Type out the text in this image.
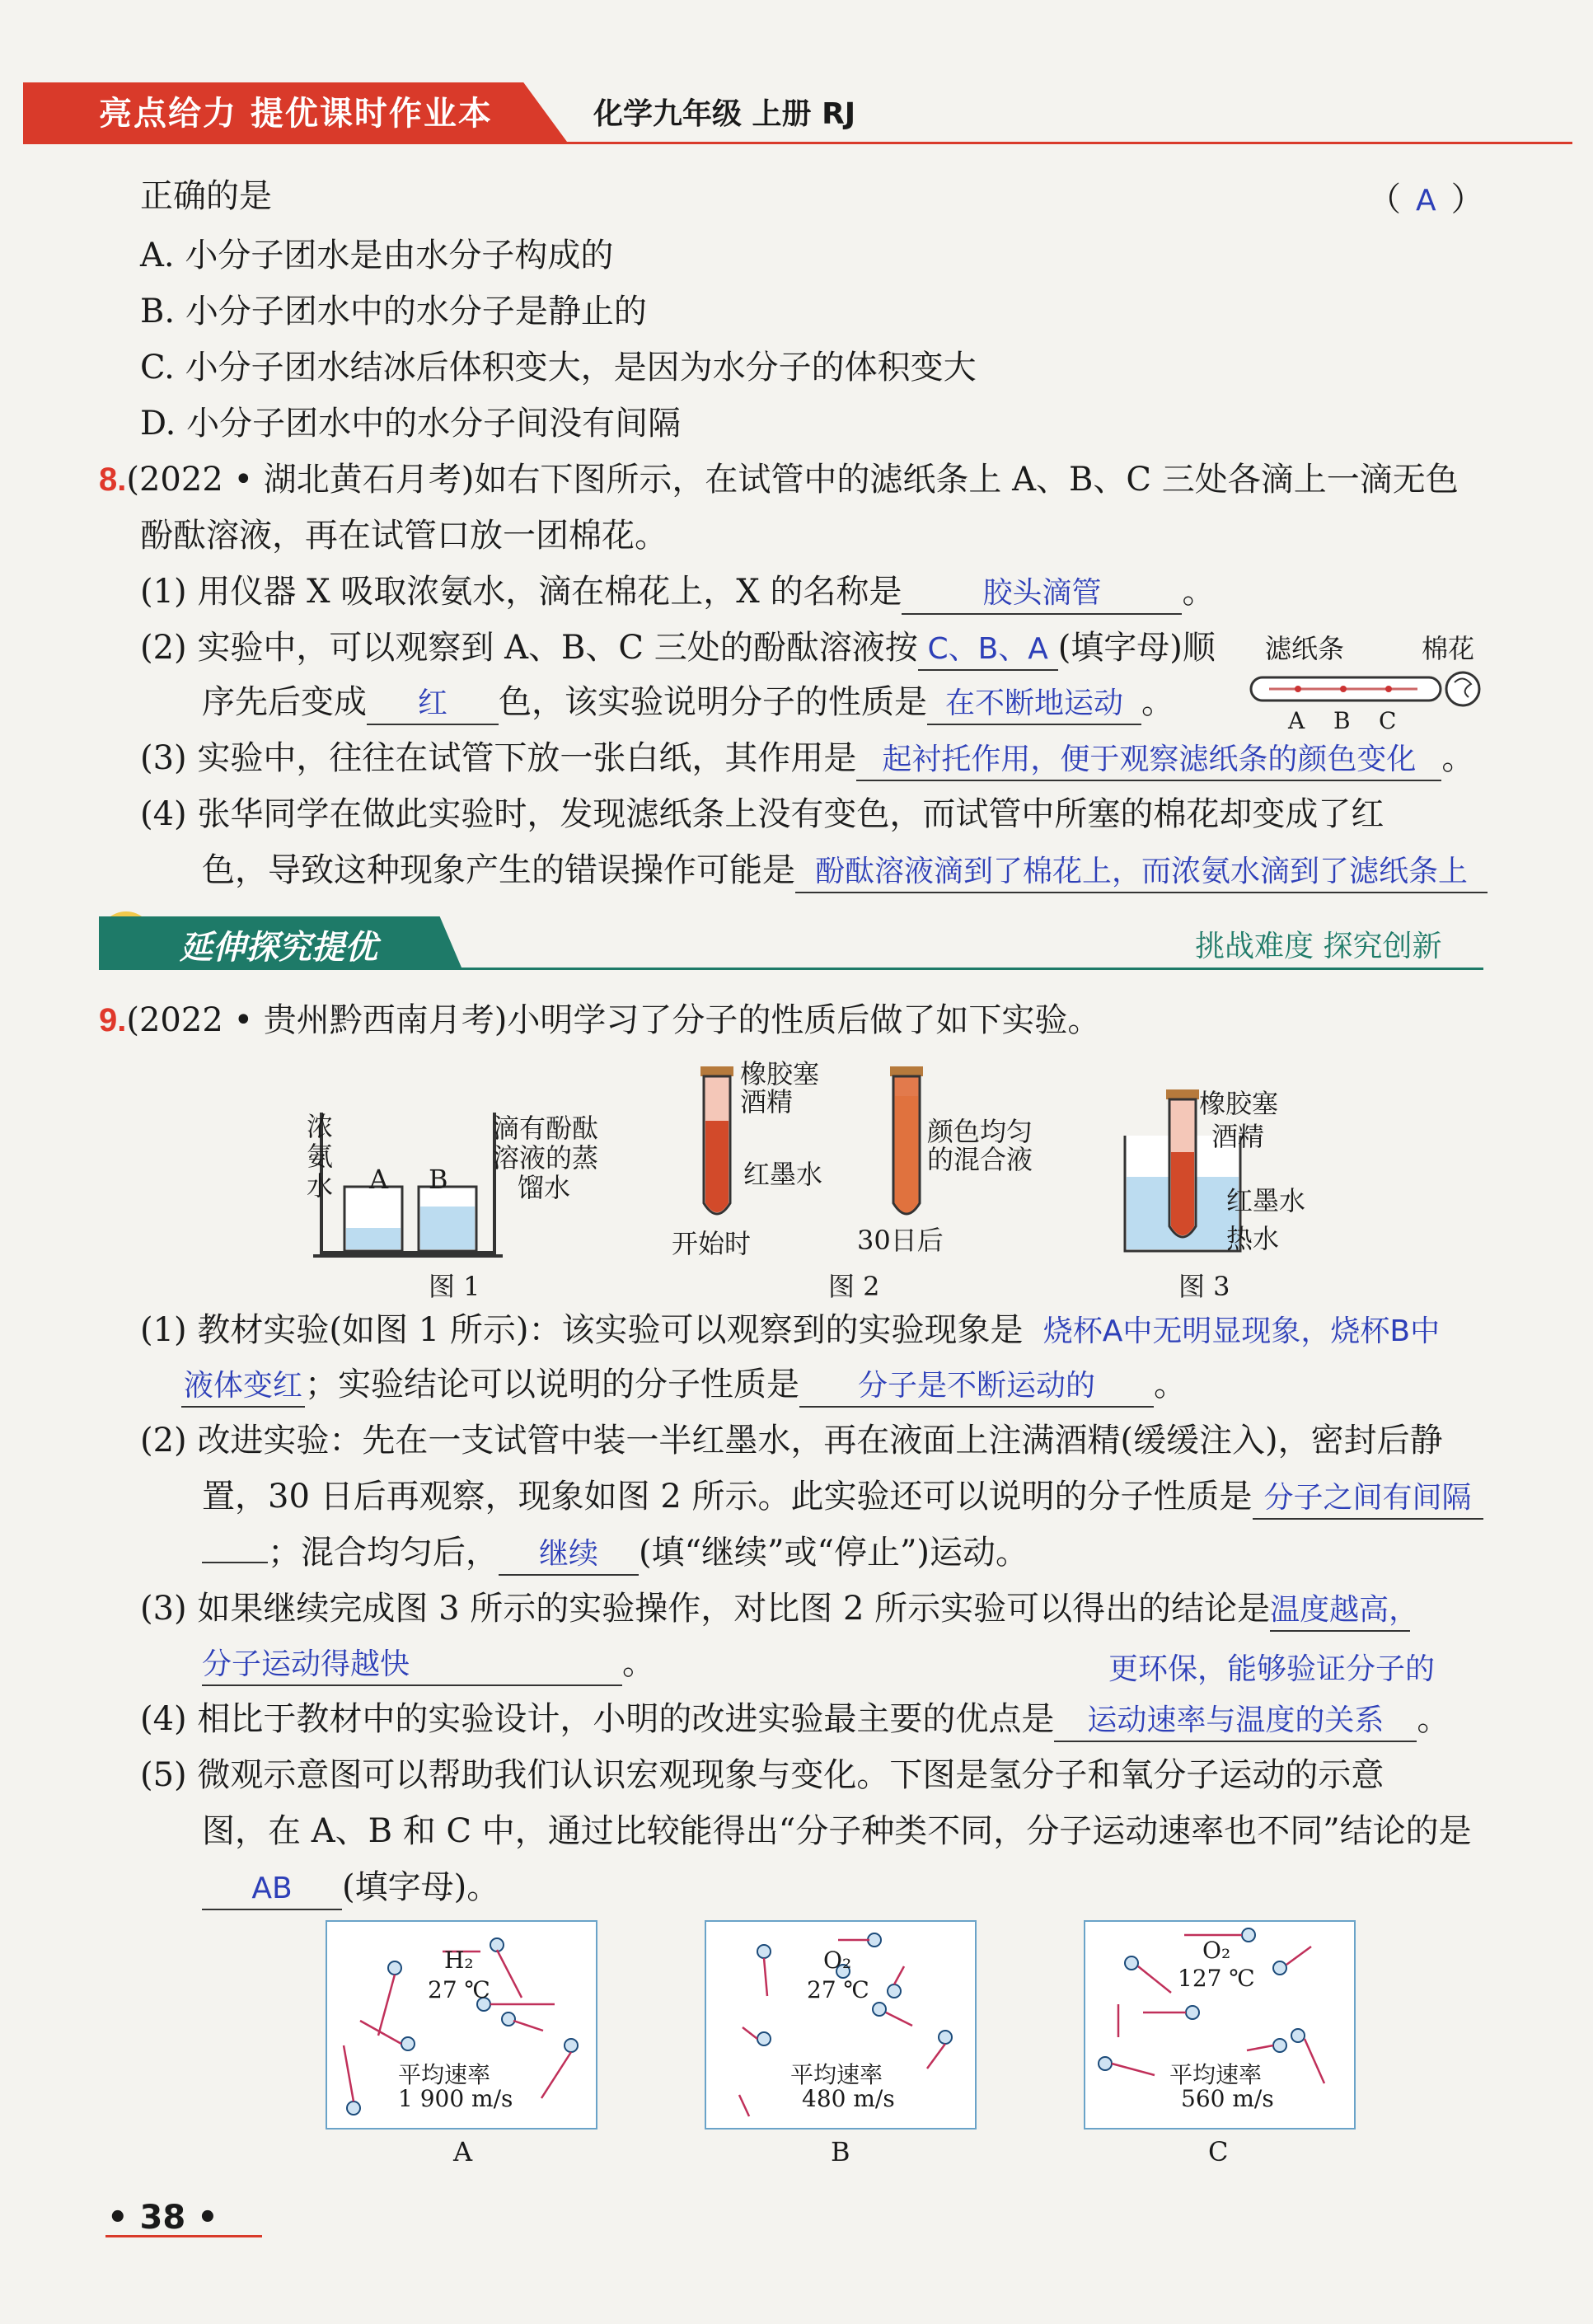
亮点给力 提优课时作业本	化学九年级 上册 RJ
正确的是	（ A ）
A. 小分子团水是由水分子构成的
B. 小分子团水中的水分子是静止的
C. 小分子团水结冰后体积变大，是因为水分子的体积变大
D. 小分子团水中的水分子间没有间隔
8.(2022 • 湖北黄石月考)如右下图所示，在试管中的滤纸条上 A、B、C 三处各滴上一滴无色
酚酞溶液，再在试管口放一团棉花。
(1) 用仪器 X 吸取浓氨水，滴在棉花上，X 的名称是	胶头滴管 。
(2) 实验中，可以观察到 A、B、C 三处的酚酞溶液按 C、B、A (填字母)顺
序先后变成 红 色，该实验说明分子的性质是 在不断地运动 。
(3) 实验中，往往在试管下放一张白纸，其作用是 起衬托作用，便于观察滤纸条的颜色变化 。
(4) 张华同学在做此实验时，发现滤纸条上没有变色，而试管中所塞的棉花却变成了红
色，导致这种现象产生的错误操作可能是 酚酞溶液滴到了棉花上，而浓氨水滴到了滤纸条上
滤纸条	棉花
A B C
延伸探究提优	挑战难度 探究创新
9.(2022 • 贵州黔西南月考)小明学习了分子的性质后做了如下实验。
浓
氨
水 A B
滴有酚酞
溶液的蒸
馏水
图 1
橡胶塞
酒精
红墨水
颜色均匀
的混合液
开始时	30日后
图 2
橡胶塞
酒精
红墨水
热水
图 3
(1) 教材实验(如图 1 所示)：该实验可以观察到的实验现象是 烧杯A中无明显现象，烧杯B中
液体变红；实验结论可以说明的分子性质是 分子是不断运动的 。
(2) 改进实验：先在一支试管中装一半红墨水，再在液面上注满酒精(缓缓注入)，密封后静
置，30 日后再观察，现象如图 2 所示。此实验还可以说明的分子性质是 分子之间有间隔
；混合均匀后， 继续 (填“继续”或“停止”)运动。
(3) 如果继续完成图 3 所示的实验操作，对比图 2 所示实验可以得出的结论是温度越高，
分子运动得越快	。	更环保，能够验证分子的
(4) 相比于教材中的实验设计，小明的改进实验最主要的优点是 运动速率与温度的关系 。
(5) 微观示意图可以帮助我们认识宏观现象与变化。下图是氢分子和氧分子运动的示意
图，在 A、B 和 C 中，通过比较能得出“分子种类不同，分子运动速率也不同”结论的是
AB (填字母)。
H₂
27 ℃
平均速率
1 900 m/s
A
O₂
27 ℃
平均速率
480 m/s
B
O₂
127 ℃
平均速率
560 m/s
C
• 38 •
